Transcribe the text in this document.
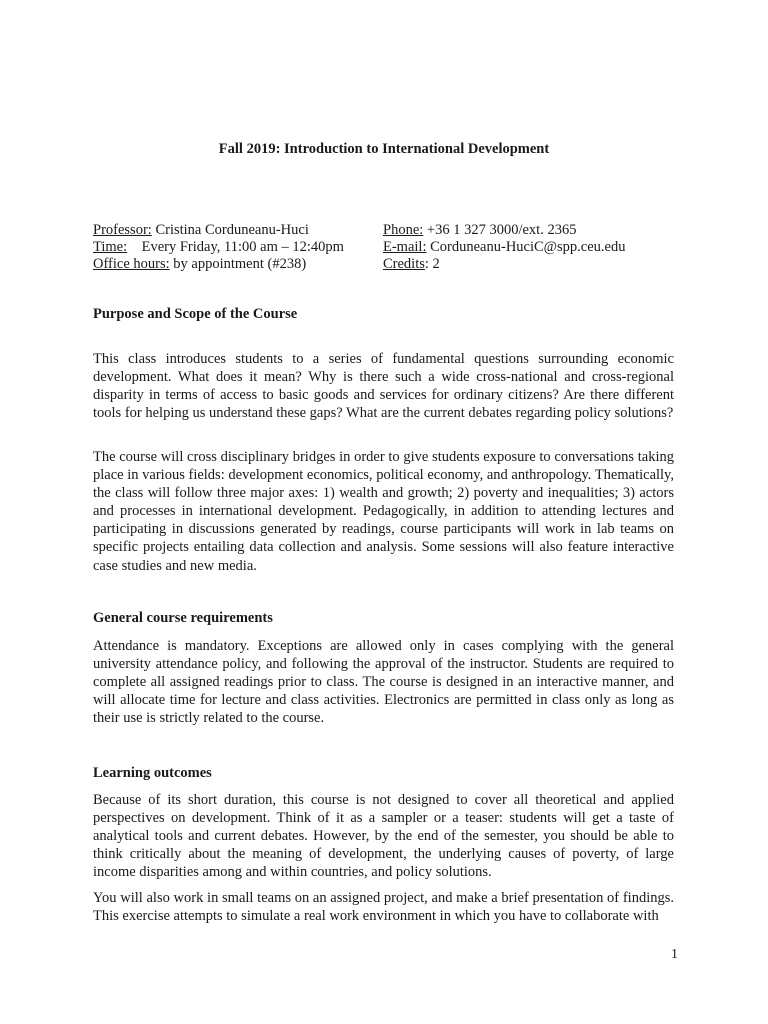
Fall 2019: Introduction to International Development
Professor: Cristina Corduneanu-Huci
Time:    Every Friday, 11:00 am – 12:40pm
Office hours: by appointment (#238)
Phone: +36 1 327 3000/ext. 2365
E-mail: Corduneanu-HuciC@spp.ceu.edu
Credits: 2
Purpose and Scope of the Course
This class introduces students to a series of fundamental questions surrounding economic development. What does it mean? Why is there such a wide cross-national and cross-regional disparity in terms of access to basic goods and services for ordinary citizens? Are there different tools for helping us understand these gaps? What are the current debates regarding policy solutions?
The course will cross disciplinary bridges in order to give students exposure to conversations taking place in various fields: development economics, political economy, and anthropology. Thematically, the class will follow three major axes: 1) wealth and growth; 2) poverty and inequalities; 3) actors and processes in international development. Pedagogically, in addition to attending lectures and participating in discussions generated by readings, course participants will work in lab teams on specific projects entailing data collection and analysis. Some sessions will also feature interactive case studies and new media.
General course requirements
Attendance is mandatory. Exceptions are allowed only in cases complying with the general university attendance policy, and following the approval of the instructor. Students are required to complete all assigned readings prior to class. The course is designed in an interactive manner, and will allocate time for lecture and class activities. Electronics are permitted in class only as long as their use is strictly related to the course.
Learning outcomes
Because of its short duration, this course is not designed to cover all theoretical and applied perspectives on development. Think of it as a sampler or a teaser: students will get a taste of analytical tools and current debates. However, by the end of the semester, you should be able to think critically about the meaning of development, the underlying causes of poverty, of large income disparities among and within countries, and policy solutions.
You will also work in small teams on an assigned project, and make a brief presentation of findings. This exercise attempts to simulate a real work environment in which you have to collaborate with
1
